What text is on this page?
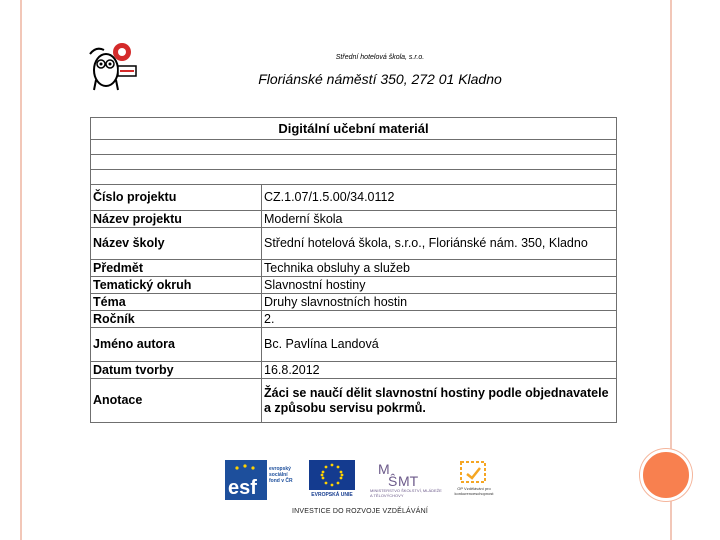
Střední hotelová škola, s.r.o.
Floriánské náměstí 350, 272 01 Kladno
Digitální učební materiál	

Číslo projektu	CZ.1.07/1.5.00/34.0112
Název projektu	Moderní škola
Název školy	Střední hotelová škola, s.r.o., Floriánské nám. 350, Kladno
Předmět	Technika obsluhy a služeb
Tematický okruh	Slavnostní hostiny
Téma	Druhy slavnostních hostin
Ročník	2.
Jméno autora	Bc. Pavlína Landová
Datum tvorby	16.8.2012
Anotace	Žáci se naučí dělit slavnostní hostiny podle objednavatele a způsobu servisu pokrmů.
esf
evropský sociální fond v ČR
EVROPSKÁ UNIE
M
Ŝ MT
MINISTERSTVO ŠKOLSTVÍ, MLÁDEŽE A TĚLOVÝCHOVY
OP Vzdělávání pro konkurenceschopnost
INVESTICE DO ROZVOJE VZDĚLÁVÁNÍ
